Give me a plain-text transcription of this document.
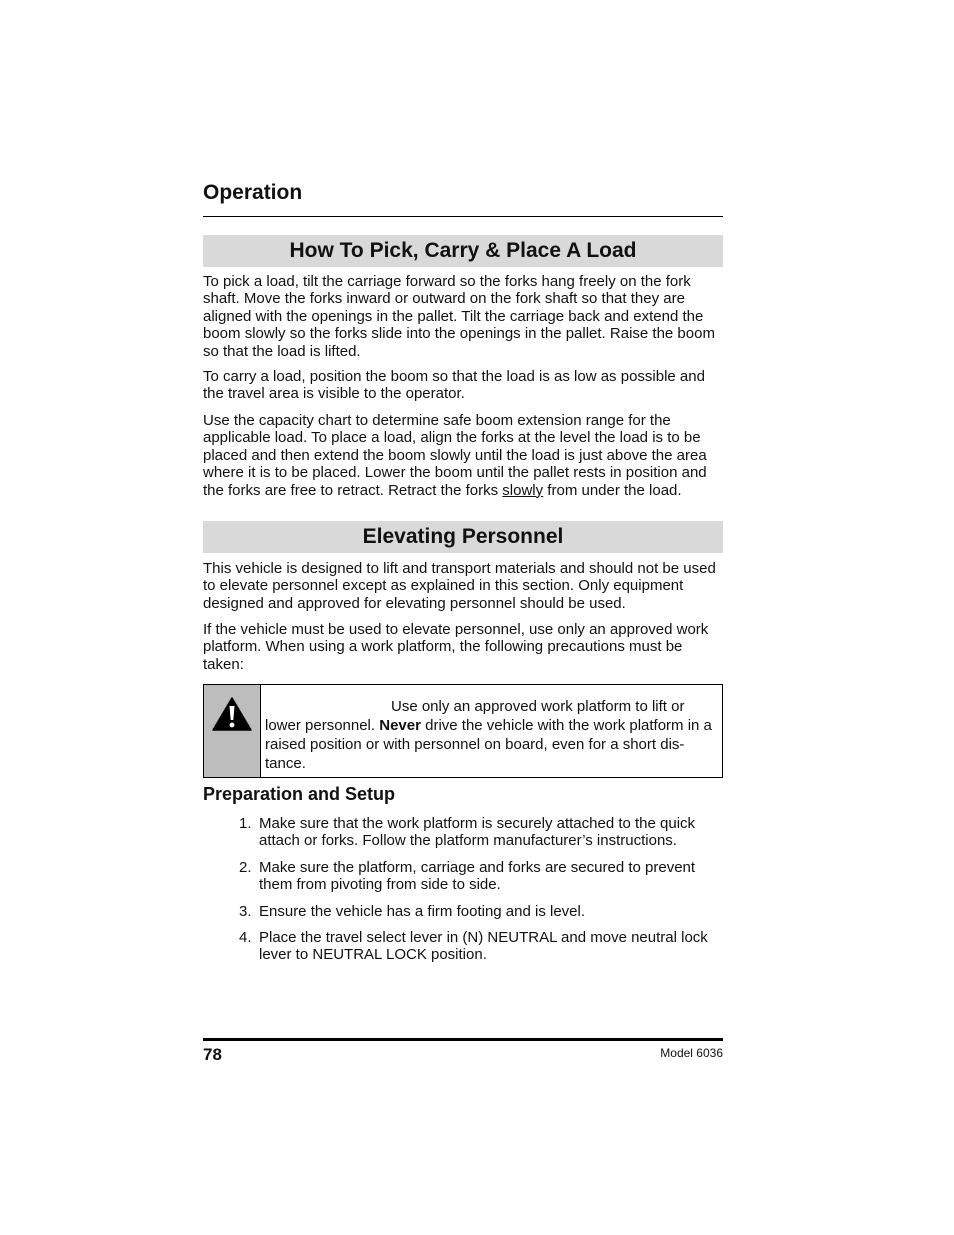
Operation
How To Pick, Carry & Place A Load

To pick a load, tilt the carriage forward so the forks hang freely on the fork shaft. Move the forks inward or outward on the fork shaft so that they are aligned with the openings in the pallet. Tilt the carriage back and extend the boom slowly so the forks slide into the openings in the pallet. Raise the boom so that the load is lifted.

To carry a load, position the boom so that the load is as low as possible and the travel area is visible to the operator.

Use the capacity chart to determine safe boom extension range for the applicable load. To place a load, align the forks at the level the load is to be placed and then extend the boom slowly until the load is just above the area where it is to be placed. Lower the boom until the pallet rests in position and the forks are free to retract. Retract the forks slowly from under the load.

Elevating Personnel

This vehicle is designed to lift and transport materials and should not be used to elevate personnel except as explained in this section. Only equipment designed and approved for elevating personnel should be used.

If the vehicle must be used to elevate personnel, use only an approved work platform. When using a work platform, the following precautions must be taken:

Use only an approved work platform to lift or lower personnel. Never drive the vehicle with the work platform in a raised position or with personnel on board, even for a short dis-tance.
Preparation and Setup
1. Make sure that the work platform is securely attached to the quick attach or forks. Follow the platform manufacturer’s instructions.
2. Make sure the platform, carriage and forks are secured to prevent them from pivoting from side to side.
3. Ensure the vehicle has a firm footing and is level.
4. Place the travel select lever in (N) NEUTRAL and move neutral lock lever to NEUTRAL LOCK position.
78	Model 6036
